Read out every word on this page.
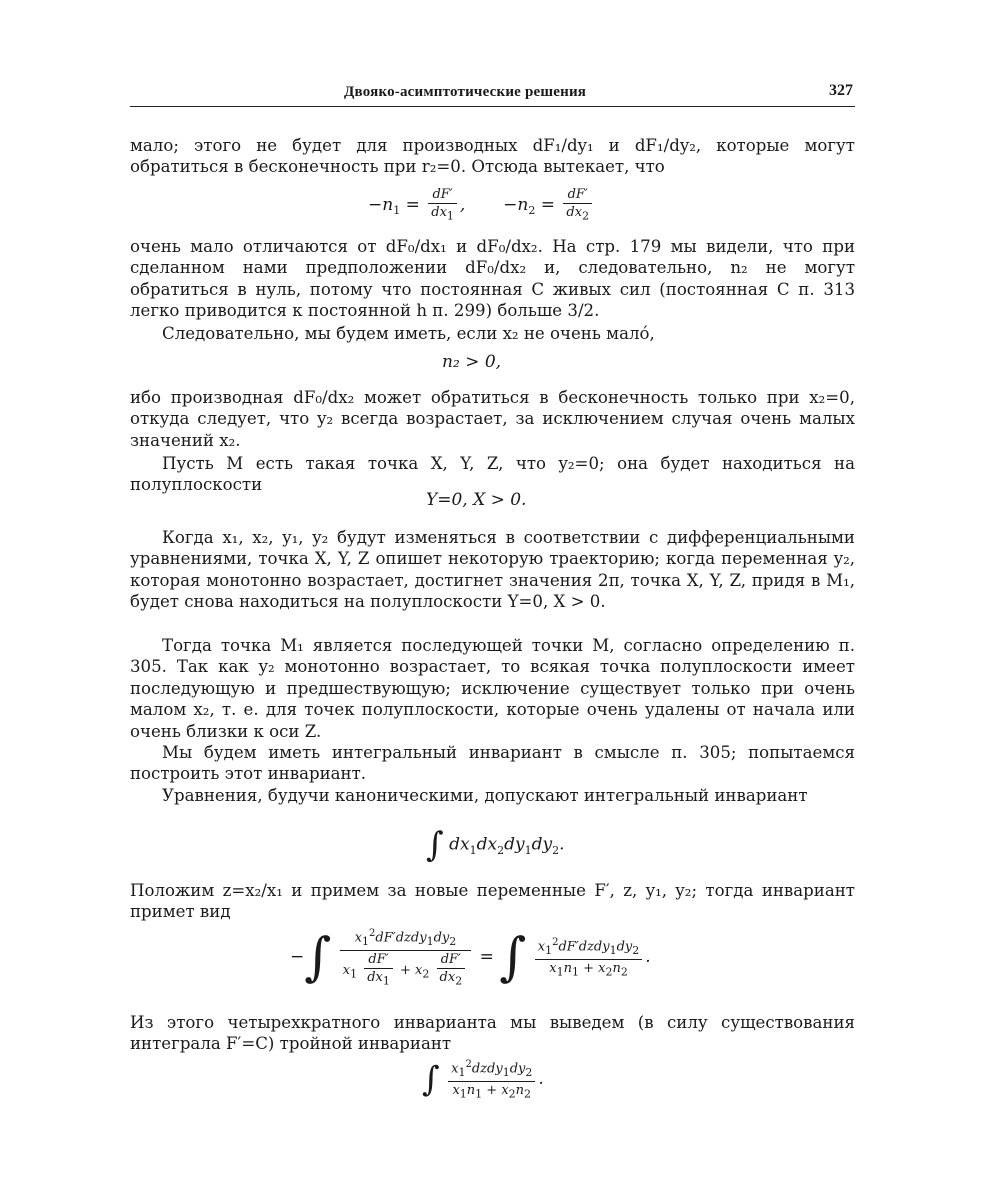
Двояко-асимптотические решения	327

мало; этого не будет для производных dF₁/dy₁ и dF₁/dy₂, которые могут обратиться в бесконечность при r₂=0. Отсюда вытекает, что

$-n_1 = \frac{dF'}{dx_1}$ ,       $-n_2 = \frac{dF'}{dx_2}$

очень мало отличаются от dF₀/dx₁ и dF₀/dx₂. На стр. 179 мы видели, что при сделанном нами предположении dF₀/dx₂ и, следовательно, n₂ не могут обратиться в нуль, потому что постоянная C живых сил (постоянная C п. 313 легко приводится к постоянной h п. 299) больше 3/2.

Следовательно, мы будем иметь, если x₂ не очень мало́,

n₂ > 0,

ибо производная dF₀/dx₂ может обратиться в бесконечность только при x₂=0, откуда следует, что y₂ всегда возрастает, за исключением случая очень малых значений x₂.

Пусть M есть такая точка X, Y, Z, что y₂=0; она будет находиться на полуплоскости

Y=0, X > 0.

Когда x₁, x₂, y₁, y₂ будут изменяться в соответствии с дифференциальными уравнениями, точка X, Y, Z опишет некоторую траекторию; когда переменная y₂, которая монотонно возрастает, достигнет значения 2π, точка X, Y, Z, придя в M₁, будет снова находиться на полуплоскости Y=0, X > 0.

Тогда точка M₁ является последующей точки M, согласно определению п. 305. Так как y₂ монотонно возрастает, то всякая точка полуплоскости имеет последующую и предшествующую; исключение существует только при очень малом x₂, т. е. для точек полуплоскости, которые очень удалены от начала или очень близки к оси Z.

Мы будем иметь интегральный инвариант в смысле п. 305; попытаемся построить этот инвариант.

Уравнения, будучи каноническими, допускают интегральный инвариант

∫ $dx_1dx_2dy_1dy_2$.

Положим z=x₂/x₁ и примем за новые переменные F′, z, y₁, y₂; тогда инвариант примет вид

−∫ $\frac{x_1^2dF'dzdy_1dy_2}{x_1 \frac{dF'}{dx_1} + x_2 \frac{dF'}{dx_2}}$ = ∫ $\frac{x_1^2dF'dzdy_1dy_2}{x_1n_1 + x_2n_2}$ .

Из этого четырехкратного инварианта мы выведем (в силу существования интеграла F′=C) тройной инвариант

∫ $\frac{x_1^2dzdy_1dy_2}{x_1n_1 + x_2n_2}$ .
